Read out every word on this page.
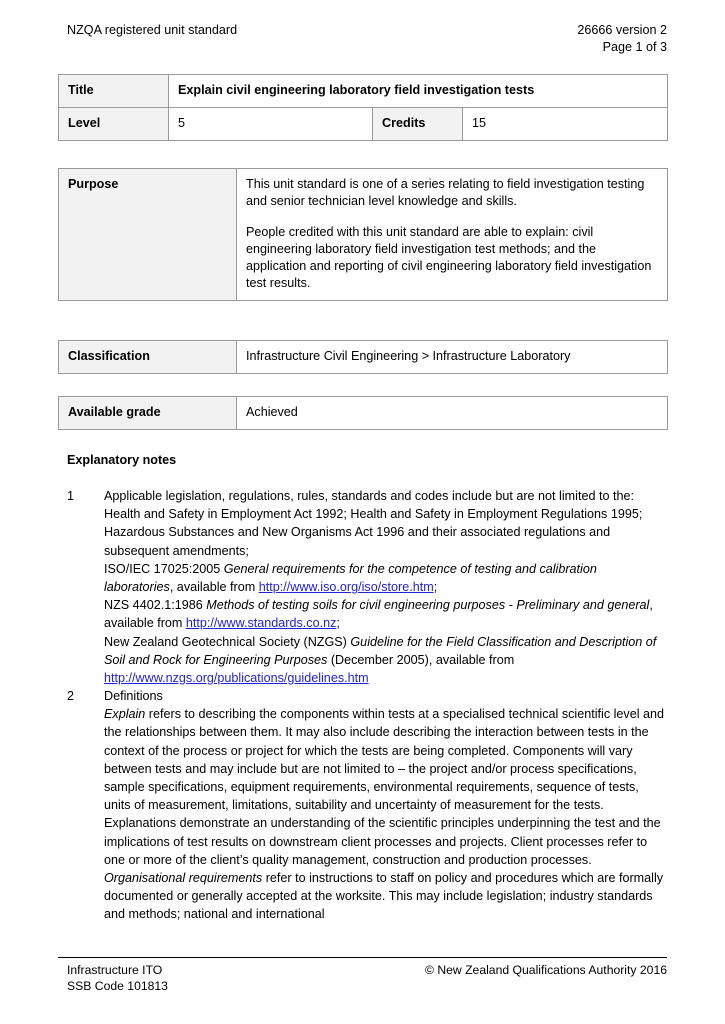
NZQA registered unit standard	26666 version 2
Page 1 of 3
Title	Explain civil engineering laboratory field investigation tests		
Level	5	Credits	15
Purpose	This unit standard is one of a series relating to field investigation testing and senior technician level knowledge and skills.
People credited with this unit standard are able to explain: civil engineering laboratory field investigation test methods; and the application and reporting of civil engineering laboratory field investigation test results.
Classification	Infrastructure Civil Engineering > Infrastructure Laboratory
Available grade	Achieved
Explanatory notes
1	Applicable legislation, regulations, rules, standards and codes include but are not limited to the: Health and Safety in Employment Act 1992; Health and Safety in Employment Regulations 1995; Hazardous Substances and New Organisms Act 1996 and their associated regulations and subsequent amendments;
ISO/IEC 17025:2005 General requirements for the competence of testing and calibration laboratories, available from http://www.iso.org/iso/store.htm;
NZS 4402.1:1986 Methods of testing soils for civil engineering purposes - Preliminary and general, available from http://www.standards.co.nz;
New Zealand Geotechnical Society (NZGS) Guideline for the Field Classification and Description of Soil and Rock for Engineering Purposes (December 2005), available from http://www.nzgs.org/publications/guidelines.htm
2	Definitions
Explain refers to describing the components within tests at a specialised technical scientific level and the relationships between them. It may also include describing the interaction between tests in the context of the process or project for which the tests are being completed. Components will vary between tests and may include but are not limited to – the project and/or process specifications, sample specifications, equipment requirements, environmental requirements, sequence of tests, units of measurement, limitations, suitability and uncertainty of measurement for the tests. Explanations demonstrate an understanding of the scientific principles underpinning the test and the implications of test results on downstream client processes and projects. Client processes refer to one or more of the client’s quality management, construction and production processes.
Organisational requirements refer to instructions to staff on policy and procedures which are formally documented or generally accepted at the worksite. This may include legislation; industry standards and methods; national and international
Infrastructure ITO
SSB Code 101813
© New Zealand Qualifications Authority 2016
